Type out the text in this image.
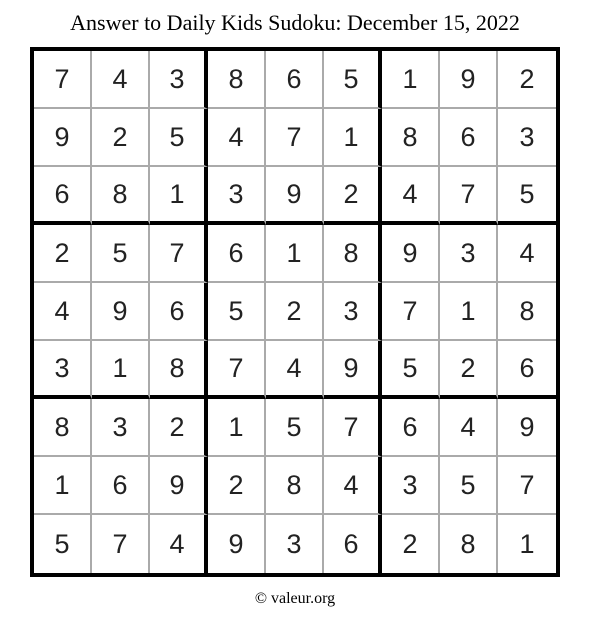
Answer to Daily Kids Sudoku: December 15, 2022
7	4	3	8	6	5	1	9	2
9	2	5	4	7	1	8	6	3
6	8	1	3	9	2	4	7	5
2	5	7	6	1	8	9	3	4
4	9	6	5	2	3	7	1	8
3	1	8	7	4	9	5	2	6
8	3	2	1	5	7	6	4	9
1	6	9	2	8	4	3	5	7
5	7	4	9	3	6	2	8	1
© valeur.org
